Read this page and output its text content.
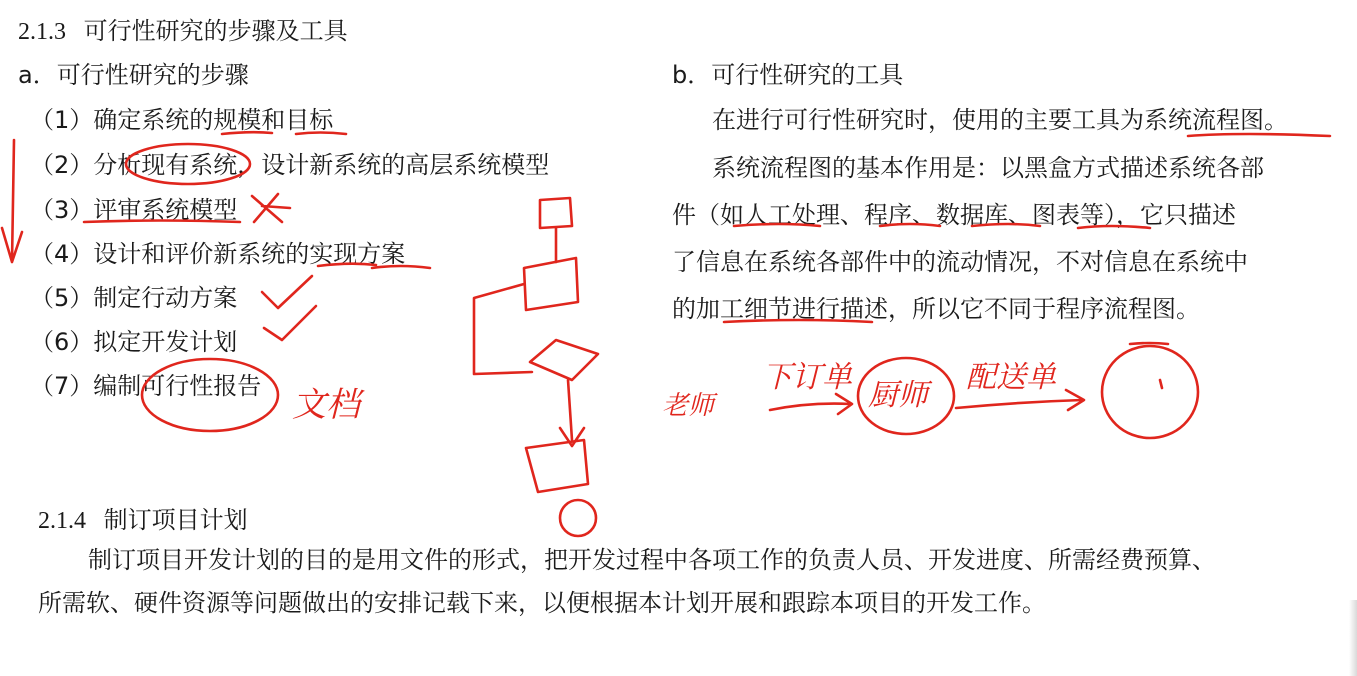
2.1.3 可行性研究的步骤及工具
a．可行性研究的步骤
（1）确定系统的规模和目标
（2）分析现有系统，设计新系统的高层系统模型
（3）评审系统模型
（4）设计和评价新系统的实现方案
（5）制定行动方案
（6）拟定开发计划
（7）编制可行性报告
b．可行性研究的工具
在进行可行性研究时，使用的主要工具为系统流程图。
系统流程图的基本作用是：以黑盒方式描述系统各部
件（如人工处理、程序、数据库、图表等），它只描述
了信息在系统各部件中的流动情况，不对信息在系统中
的加工细节进行描述，所以它不同于程序流程图。
2.1.4 制订项目计划
制订项目开发计划的目的是用文件的形式，把开发过程中各项工作的负责人员、开发进度、所需经费预算、
所需软、硬件资源等问题做出的安排记载下来，以便根据本计划开展和跟踪本项目的开发工作。
文档	老师
下订单
厨师
配送单
